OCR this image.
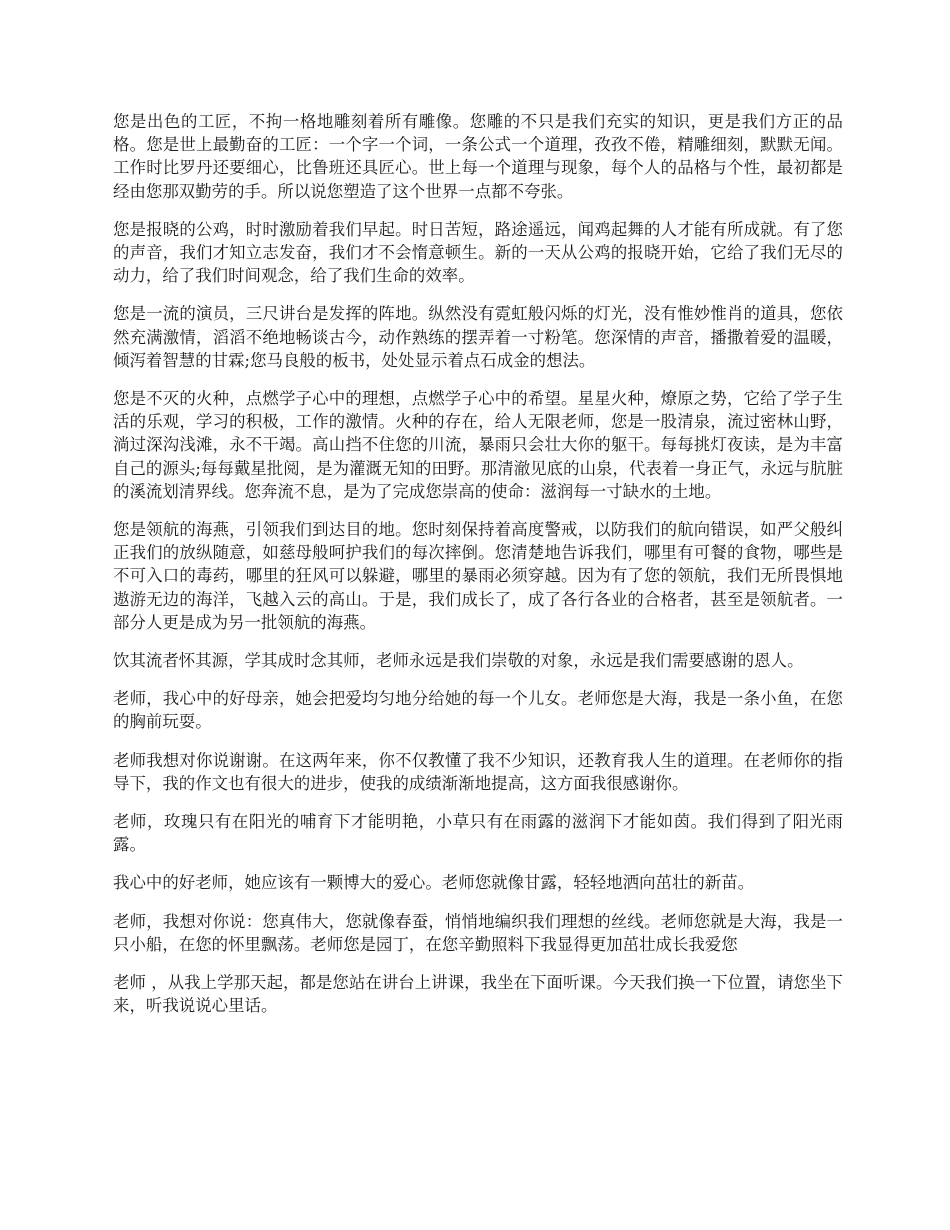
您是出色的工匠，不拘一格地雕刻着所有雕像。您雕的不只是我们充实的知识，更是我们方正的品格。您是世上最勤奋的工匠：一个字一个词，一条公式一个道理，孜孜不倦，精雕细刻，默默无闻。工作时比罗丹还要细心，比鲁班还具匠心。世上每一个道理与现象，每个人的品格与个性，最初都是经由您那双勤劳的手。所以说您塑造了这个世界一点都不夸张。

您是报晓的公鸡，时时激励着我们早起。时日苦短，路途遥远，闻鸡起舞的人才能有所成就。有了您的声音，我们才知立志发奋，我们才不会惰意顿生。新的一天从公鸡的报晓开始，它给了我们无尽的动力，给了我们时间观念，给了我们生命的效率。

您是一流的演员，三尺讲台是发挥的阵地。纵然没有霓虹般闪烁的灯光，没有惟妙惟肖的道具，您依然充满激情，滔滔不绝地畅谈古今，动作熟练的摆弄着一寸粉笔。您深情的声音，播撒着爱的温暖，倾泻着智慧的甘霖;您马良般的板书，处处显示着点石成金的想法。

您是不灭的火种，点燃学子心中的理想，点燃学子心中的希望。星星火种，燎原之势，它给了学子生活的乐观，学习的积极，工作的激情。火种的存在，给人无限老师，您是一股清泉，流过密林山野，淌过深沟浅滩，永不干竭。高山挡不住您的川流，暴雨只会壮大你的躯干。每每挑灯夜读，是为丰富自己的源头;每每戴星批阅，是为灌溉无知的田野。那清澈见底的山泉，代表着一身正气，永远与肮脏的溪流划清界线。您奔流不息，是为了完成您崇高的使命：滋润每一寸缺水的土地。

您是领航的海燕，引领我们到达目的地。您时刻保持着高度警戒，以防我们的航向错误，如严父般纠正我们的放纵随意，如慈母般呵护我们的每次摔倒。您清楚地告诉我们，哪里有可餐的食物，哪些是不可入口的毒药，哪里的狂风可以躲避，哪里的暴雨必须穿越。因为有了您的领航，我们无所畏惧地遨游无边的海洋，飞越入云的高山。于是，我们成长了，成了各行各业的合格者，甚至是领航者。一部分人更是成为另一批领航的海燕。

饮其流者怀其源，学其成时念其师，老师永远是我们崇敬的对象，永远是我们需要感谢的恩人。

老师，我心中的好母亲，她会把爱均匀地分给她的每一个儿女。老师您是大海，我是一条小鱼，在您的胸前玩耍。

老师我想对你说谢谢。在这两年来，你不仅教懂了我不少知识，还教育我人生的道理。在老师你的指导下，我的作文也有很大的进步，使我的成绩渐渐地提高，这方面我很感谢你。

老师，玫瑰只有在阳光的哺育下才能明艳，小草只有在雨露的滋润下才能如茵。我们得到了阳光雨露。

我心中的好老师，她应该有一颗博大的爱心。老师您就像甘露，轻轻地洒向茁壮的新苗。

老师，我想对你说：您真伟大，您就像春蚕，悄悄地编织我们理想的丝线。老师您就是大海，我是一只小船，在您的怀里飘荡。老师您是园丁，在您辛勤照料下我显得更加茁壮成长我爱您

老师 ，从我上学那天起，都是您站在讲台上讲课，我坐在下面听课。今天我们换一下位置，请您坐下来，听我说说心里话。
